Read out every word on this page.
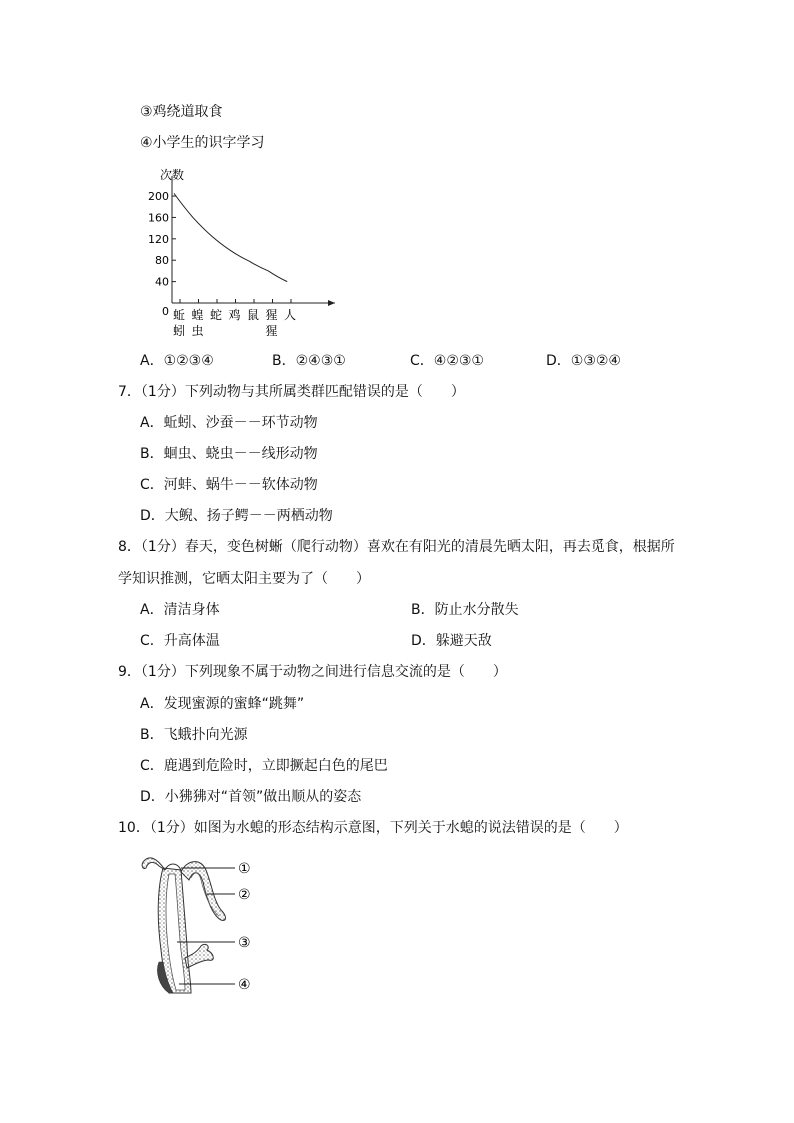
③鸡绕道取食
④小学生的识字学习
次数
0
40
80
120
160
200
蚯
蚓
蝗
虫
蛇 鸡 鼠 猩
猩
人
A．①②③④	B．②④③①	C．④②③①	D．①③②④
7．（1分）下列动物与其所属类群匹配错误的是（　　）
A．蚯蚓、沙蚕－－环节动物
B．蛔虫、蛲虫－－线形动物
C．河蚌、蜗牛－－软体动物
D．大鲵、扬子鳄－－两栖动物
8．（1分）春天，变色树蜥（爬行动物）喜欢在有阳光的清晨先晒太阳，再去觅食，根据所
学知识推测，它晒太阳主要为了（　　）
A．清洁身体	B．防止水分散失
C．升高体温	D．躲避天敌
9．（1分）下列现象不属于动物之间进行信息交流的是（　　）
A．发现蜜源的蜜蜂“跳舞”
B．飞蛾扑向光源
C．鹿遇到危险时，立即撅起白色的尾巴
D．小狒狒对“首领”做出顺从的姿态
10．（1分）如图为水螅的形态结构示意图，下列关于水螅的说法错误的是（　　）
①
②
③
④
